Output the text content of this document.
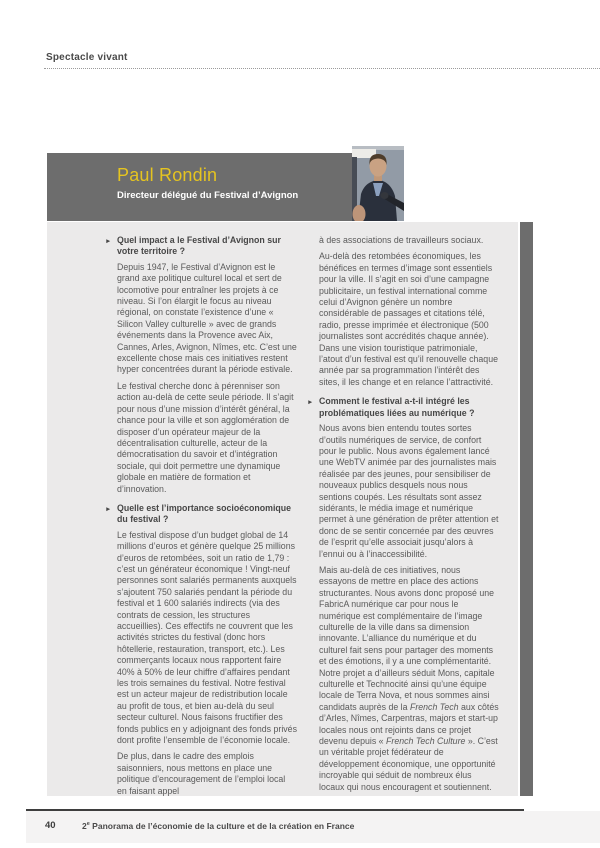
Spectacle vivant
Paul Rondin
Directeur délégué du Festival d’Avignon
► Quel impact a le Festival d’Avignon sur votre territoire ?
Depuis 1947, le Festival d’Avignon est le grand axe politique culturel local et sert de locomotive pour entraîner les projets à ce niveau. Si l’on élargit le focus au niveau régional, on constate l’existence d’une « Silicon Valley culturelle » avec de grands événements dans la Provence avec Aix, Cannes, Arles, Avignon, Nîmes, etc. C’est une excellente chose mais ces initiatives restent hyper concentrées durant la période estivale.
Le festival cherche donc à pérenniser son action au-delà de cette seule période. Il s’agit pour nous d’une mission d’intérêt général, la chance pour la ville et son agglomération de disposer d’un opérateur majeur de la décentralisation culturelle, acteur de la démocratisation du savoir et d’intégration sociale, qui doit permettre une dynamique globale en matière de formation et d’innovation.
► Quelle est l’importance socioéconomique du festival ?
Le festival dispose d’un budget global de 14 millions d’euros et génère quelque 25 millions d’euros de retombées, soit un ratio de 1,79 : c’est un générateur économique ! Vingt-neuf personnes sont salariés permanents auxquels s’ajoutent 750 salariés pendant la période du festival et 1 600 salariés indirects (via des contrats de cession, les structures accueillies). Ces effectifs ne couvrent que les activités strictes du festival (donc hors hôtellerie, restauration, transport, etc.). Les commerçants locaux nous rapportent faire 40% à 50% de leur chiffre d’affaires pendant les trois semaines du festival. Notre festival est un acteur majeur de redistribution locale au profit de tous, et bien au-delà du seul secteur culturel. Nous faisons fructifier des fonds publics en y adjoignant des fonds privés dont profite l’ensemble de l’économie locale.
De plus, dans le cadre des emplois saisonniers, nous mettons en place une politique d’encouragement de l’emploi local en faisant appel
à des associations de travailleurs sociaux.
Au-delà des retombées économiques, les bénéfices en termes d’image sont essentiels pour la ville. Il s’agit en soi d’une campagne publicitaire, un festival international comme celui d’Avignon génère un nombre considérable de passages et citations télé, radio, presse imprimée et électronique (500 journalistes sont accrédités chaque année). Dans une vision touristique patrimoniale, l’atout d’un festival est qu’il renouvelle chaque année par sa programmation l’intérêt des sites, il les change et en relance l’attractivité.
► Comment le festival a-t-il intégré les problématiques liées au numérique ?
Nous avons bien entendu toutes sortes d’outils numériques de service, de confort pour le public. Nous avons également lancé une WebTV animée par des journalistes mais réalisée par des jeunes, pour sensibiliser de nouveaux publics desquels nous nous sentions coupés. Les résultats sont assez sidérants, le média image et numérique permet à une génération de prêter attention et donc de se sentir concernée par des œuvres de l’esprit qu’elle associait jusqu’alors à l’ennui ou à l’inaccessibilité.
Mais au-delà de ces initiatives, nous essayons de mettre en place des actions structurantes. Nous avons donc proposé une FabricA numérique car pour nous le numérique est complémentaire de l’image culturelle de la ville dans sa dimension innovante. L’alliance du numérique et du culturel fait sens pour partager des moments et des émotions, il y a une complémentarité. Notre projet a d’ailleurs séduit Mons, capitale culturelle et Technocité ainsi qu’une équipe locale de Terra Nova, et nous sommes ainsi candidats auprès de la French Tech aux côtés d’Arles, Nîmes, Carpentras, majors et start-up locales nous ont rejoints dans ce projet devenu depuis « French Tech Culture ». C’est un véritable projet fédérateur de développement économique, une opportunité incroyable qui séduit de nombreux élus locaux qui nous encouragent et soutiennent.
40	2e Panorama de l’économie de la culture et de la création en France
